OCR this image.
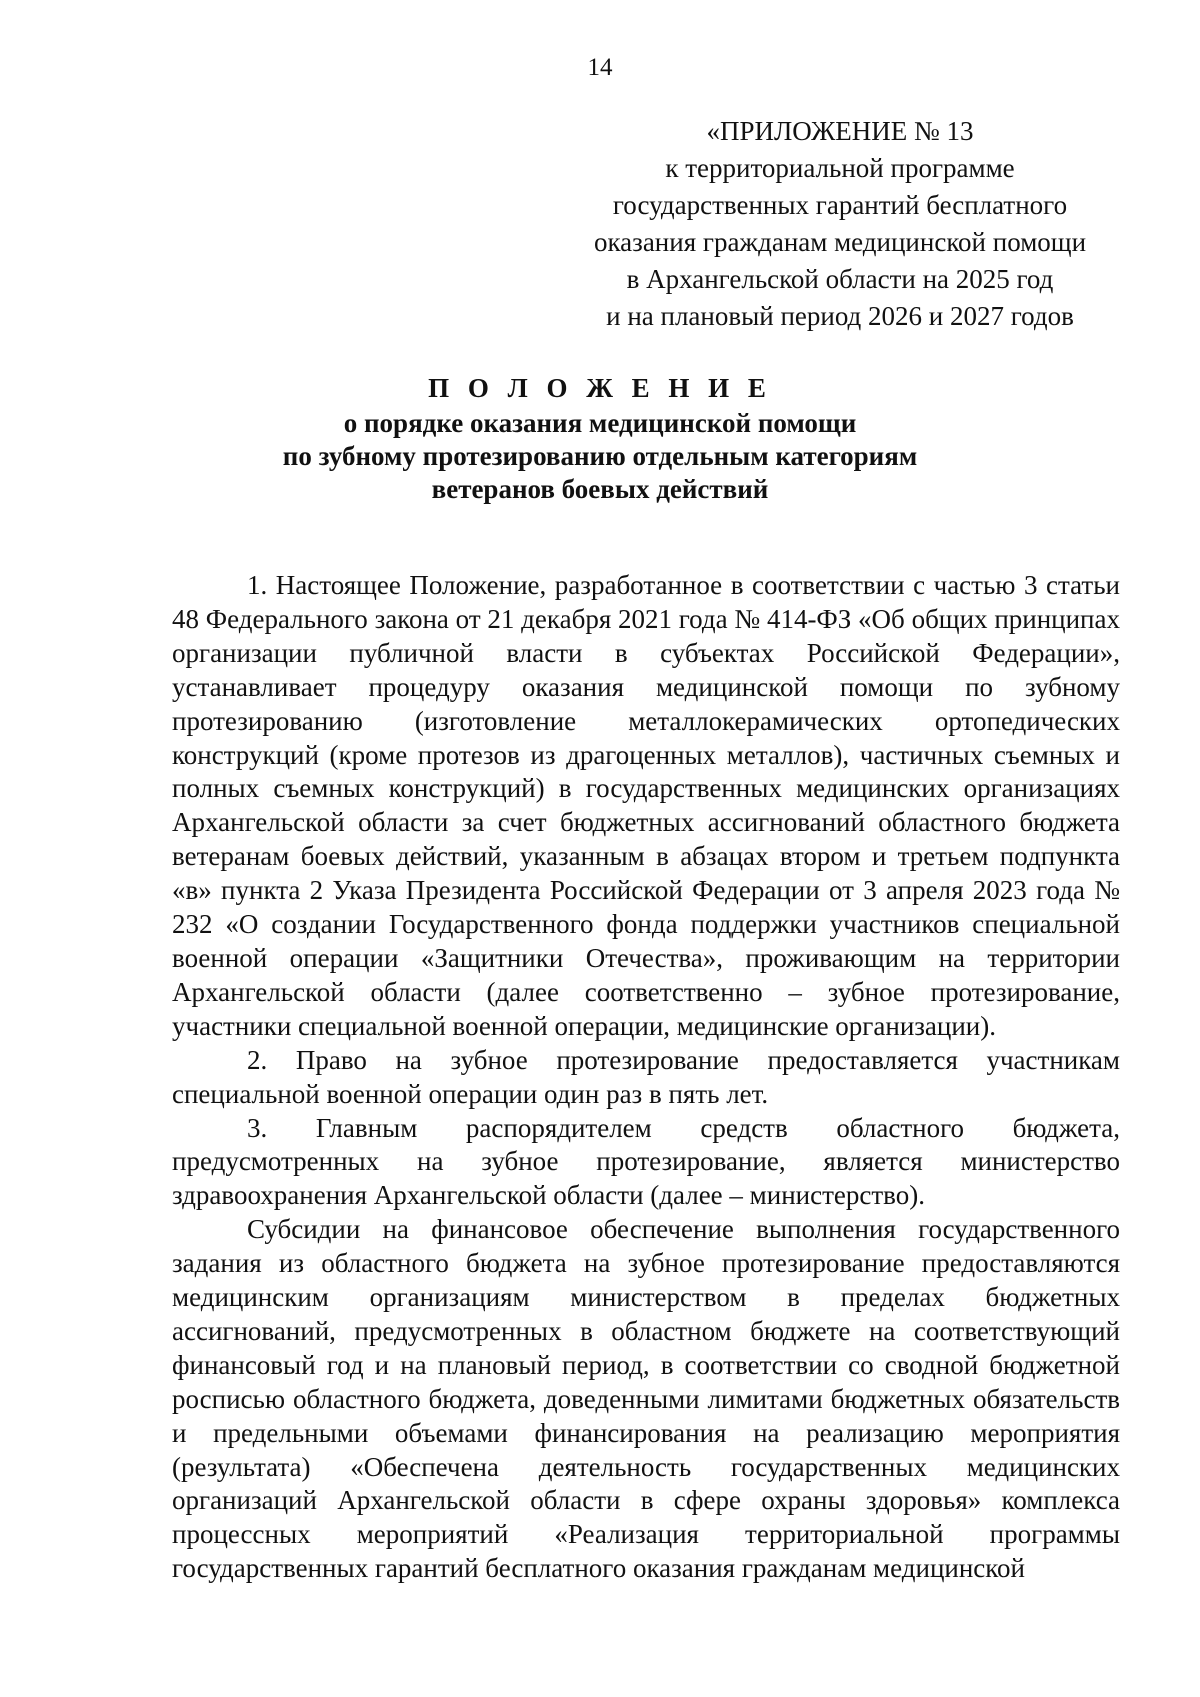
14
«ПРИЛОЖЕНИЕ № 13
к территориальной программе
государственных гарантий бесплатного
оказания гражданам медицинской помощи
в Архангельской области на 2025 год
и на плановый период 2026 и 2027 годов
П О Л О Ж Е Н И Е
о порядке оказания медицинской помощи
по зубному протезированию отдельным категориям
ветеранов боевых действий

1. Настоящее Положение, разработанное в соответствии с частью 3 статьи 48 Федерального закона от 21 декабря 2021 года № 414-ФЗ «Об общих принципах организации публичной власти в субъектах Российской Федерации», устанавливает процедуру оказания медицинской помощи по зубному протезированию (изготовление металлокерамических ортопедических конструкций (кроме протезов из драгоценных металлов), частичных съемных и полных съемных конструкций) в государственных медицинских организациях Архангельской области за счет бюджетных ассигнований областного бюджета ветеранам боевых действий, указанным в абзацах втором и третьем подпункта «в» пункта 2 Указа Президента Российской Федерации от 3 апреля 2023 года № 232 «О создании Государственного фонда поддержки участников специальной военной операции «Защитники Отечества», проживающим на территории Архангельской области (далее соответственно – зубное протезирование, участники специальной военной операции, медицинские организации).

2. Право на зубное протезирование предоставляется участникам специальной военной операции один раз в пять лет.

3. Главным распорядителем средств областного бюджета, предусмотренных на зубное протезирование, является министерство здравоохранения Архангельской области (далее – министерство).

Субсидии на финансовое обеспечение выполнения государственного задания из областного бюджета на зубное протезирование предоставляются медицинским организациям министерством в пределах бюджетных ассигнований, предусмотренных в областном бюджете на соответствующий финансовый год и на плановый период, в соответствии со сводной бюджетной росписью областного бюджета, доведенными лимитами бюджетных обязательств и предельными объемами финансирования на реализацию мероприятия (результата) «Обеспечена деятельность государственных медицинских организаций Архангельской области в сфере охраны здоровья» комплекса процессных мероприятий «Реализация территориальной программы государственных гарантий бесплатного оказания гражданам медицинской
